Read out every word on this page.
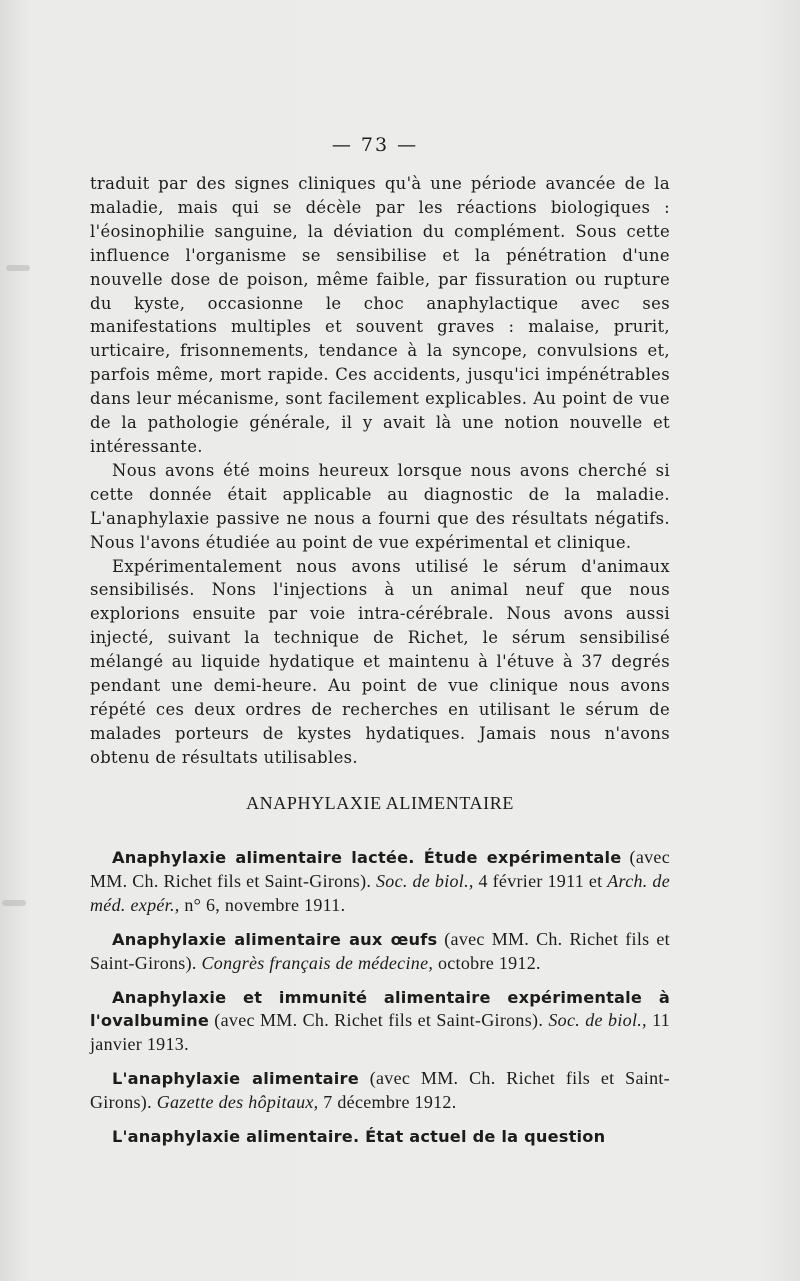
— 73 —

traduit par des signes cliniques qu'à une période avancée de la maladie, mais qui se décèle par les réactions biologiques : l'éosinophilie sanguine, la déviation du complément. Sous cette influence l'organisme se sensibilise et la pénétration d'une nouvelle dose de poison, même faible, par fissuration ou rupture du kyste, occasionne le choc anaphylactique avec ses manifestations multiples et souvent graves : malaise, prurit, urticaire, frisonnements, tendance à la syncope, convulsions et, parfois même, mort rapide. Ces accidents, jusqu'ici impénétrables dans leur mécanisme, sont facilement explicables. Au point de vue de la pathologie générale, il y avait là une notion nouvelle et intéressante.

Nous avons été moins heureux lorsque nous avons cherché si cette donnée était applicable au diagnostic de la maladie. L'anaphylaxie passive ne nous a fourni que des résultats négatifs. Nous l'avons étudiée au point de vue expérimental et clinique.

Expérimentalement nous avons utilisé le sérum d'animaux sensibilisés. Nons l'injections à un animal neuf que nous explorions ensuite par voie intra-cérébrale. Nous avons aussi injecté, suivant la technique de Richet, le sérum sensibilisé mélangé au liquide hydatique et maintenu à l'étuve à 37 degrés pendant une demi-heure. Au point de vue clinique nous avons répété ces deux ordres de recherches en utilisant le sérum de malades porteurs de kystes hydatiques. Jamais nous n'avons obtenu de résultats utilisables.

ANAPHYLAXIE ALIMENTAIRE

Anaphylaxie alimentaire lactée. Étude expérimentale (avec MM. Ch. Richet fils et Saint-Girons). Soc. de biol., 4 février 1911 et Arch. de méd. expér., n° 6, novembre 1911.

Anaphylaxie alimentaire aux œufs (avec MM. Ch. Richet fils et Saint-Girons). Congrès français de médecine, octobre 1912.

Anaphylaxie et immunité alimentaire expérimentale à l'ovalbumine (avec MM. Ch. Richet fils et Saint-Girons). Soc. de biol., 11 janvier 1913.

L'anaphylaxie alimentaire (avec MM. Ch. Richet fils et Saint-Girons). Gazette des hôpitaux, 7 décembre 1912.

L'anaphylaxie alimentaire. État actuel de la question
